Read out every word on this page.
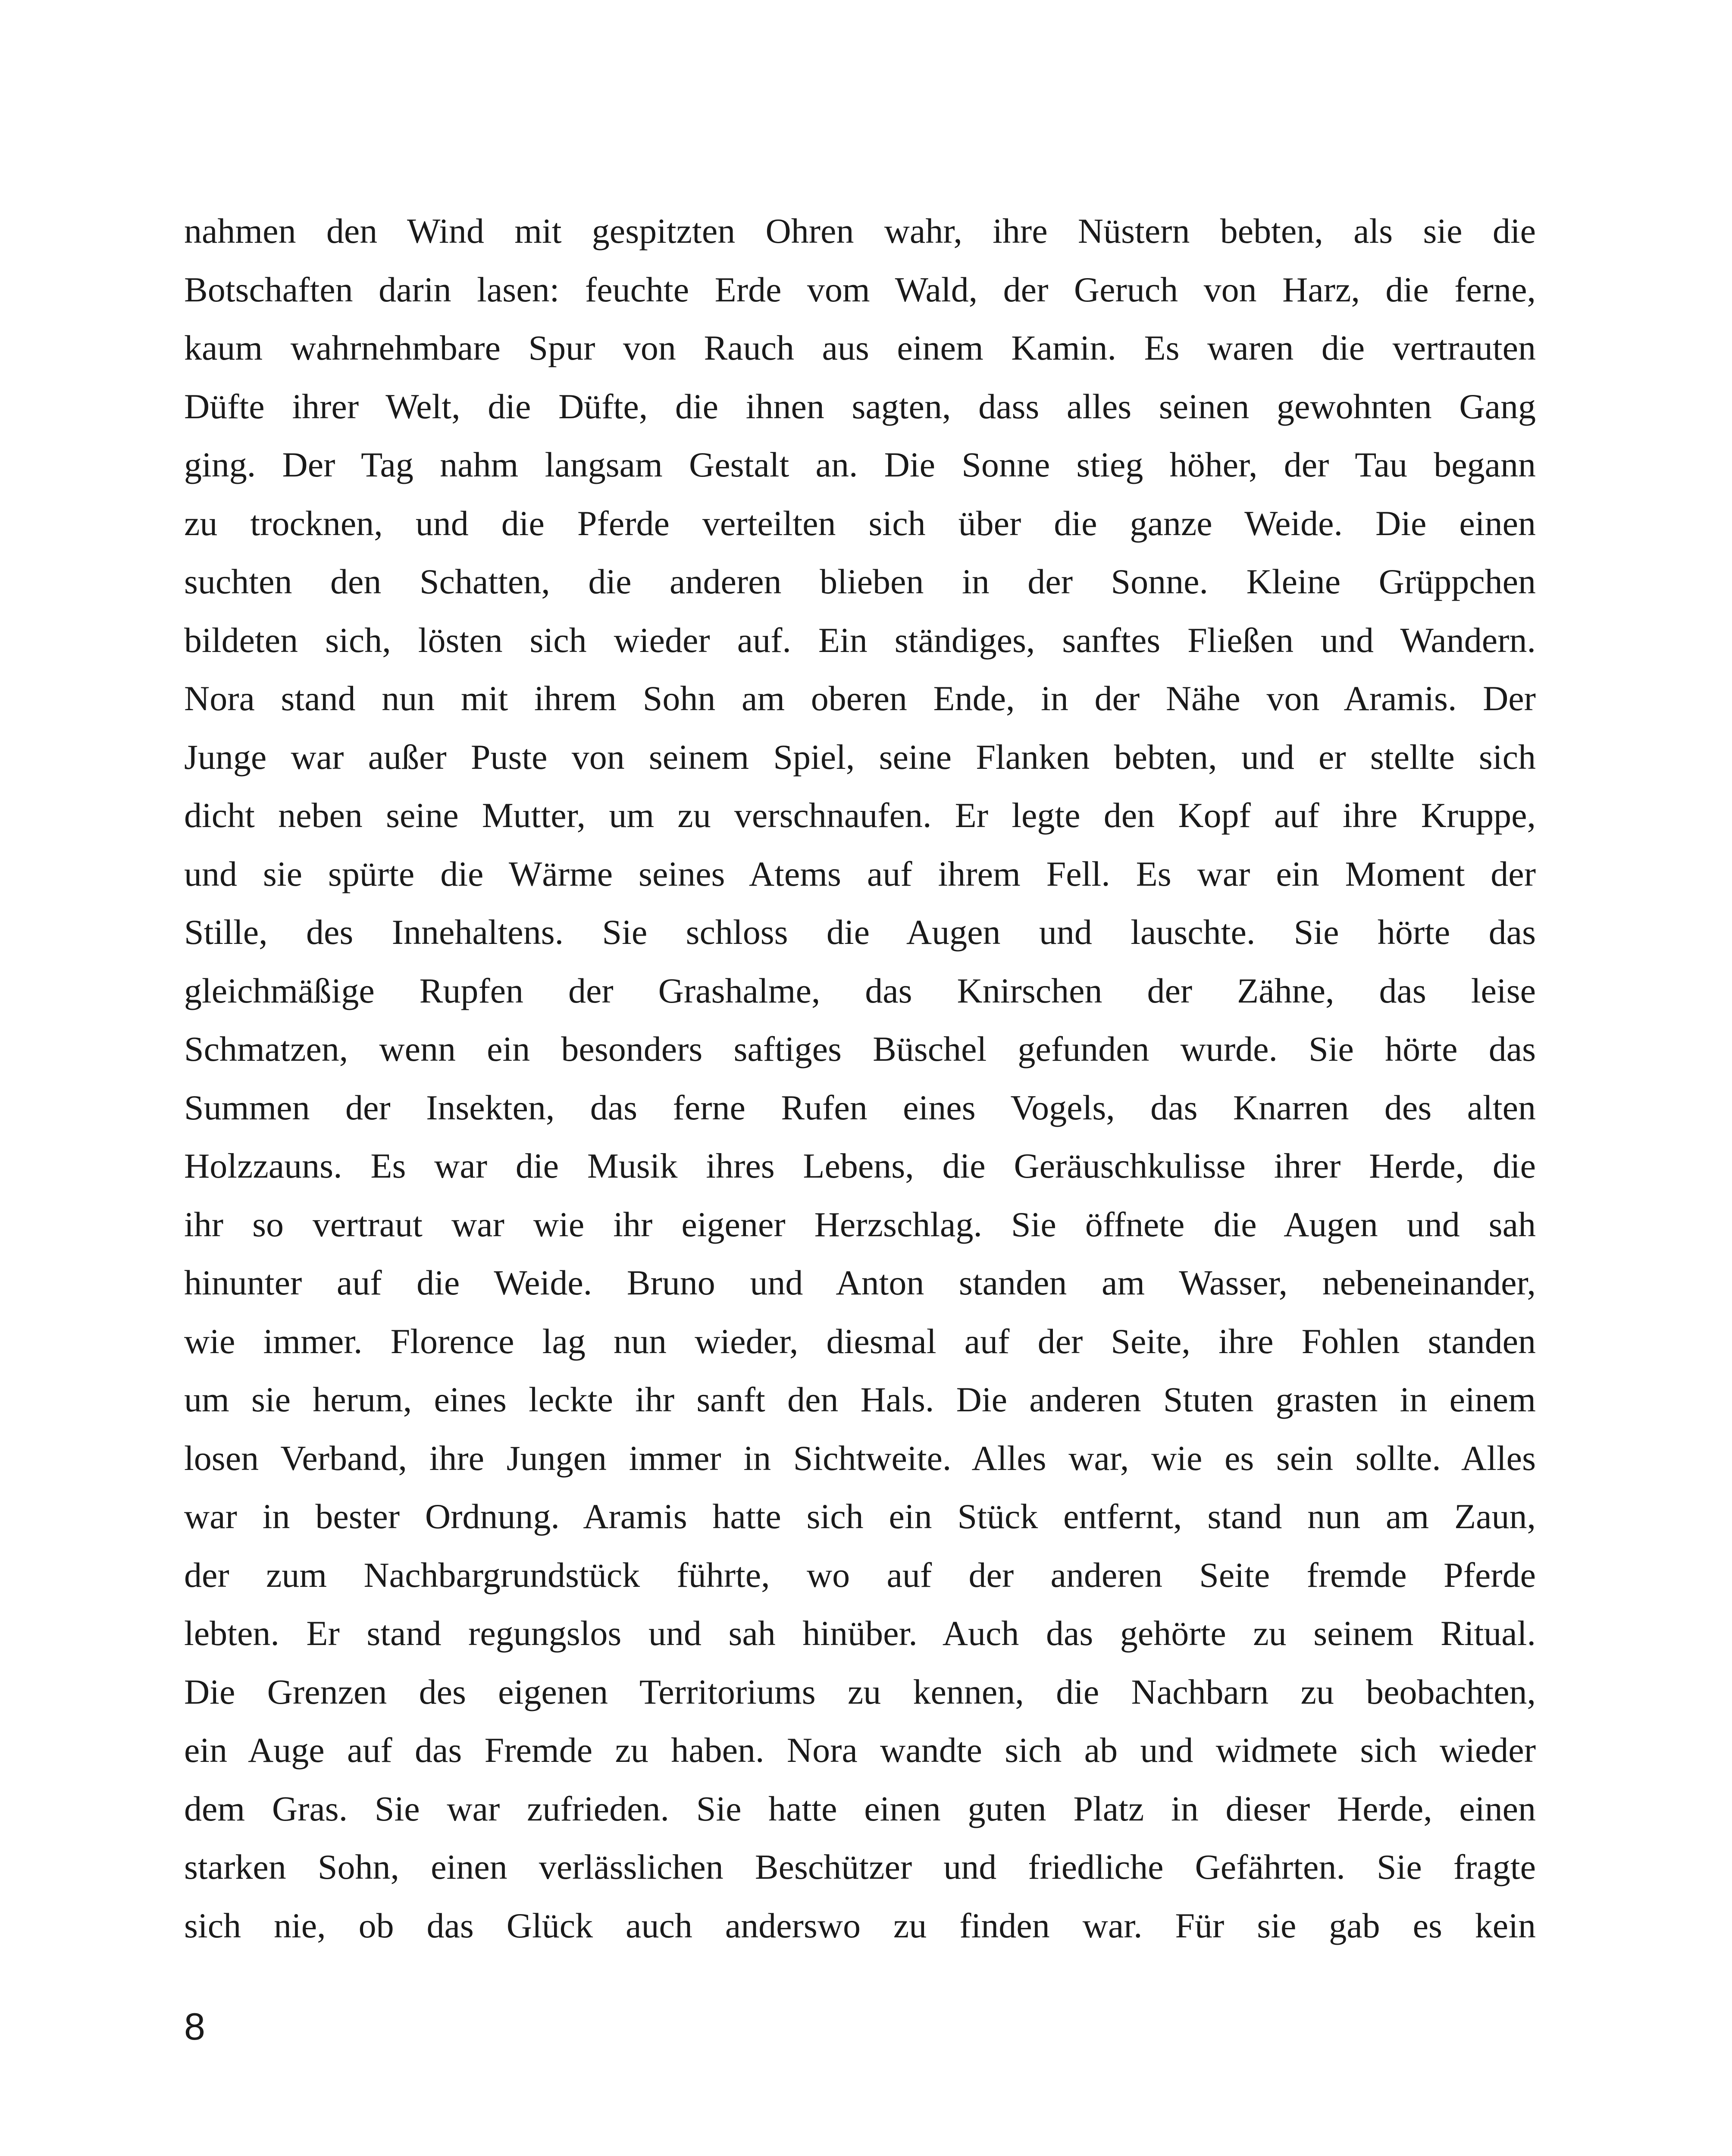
nahmen den Wind mit gespitzten Ohren wahr, ihre Nüstern bebten, als sie die
Botschaften darin lasen: feuchte Erde vom Wald, der Geruch von Harz, die ferne,
kaum wahrnehmbare Spur von Rauch aus einem Kamin. Es waren die vertrauten
Düfte ihrer Welt, die Düfte, die ihnen sagten, dass alles seinen gewohnten Gang
ging. Der Tag nahm langsam Gestalt an. Die Sonne stieg höher, der Tau begann
zu trocknen, und die Pferde verteilten sich über die ganze Weide. Die einen
suchten den Schatten, die anderen blieben in der Sonne. Kleine Grüppchen
bildeten sich, lösten sich wieder auf. Ein ständiges, sanftes Fließen und Wandern.
Nora stand nun mit ihrem Sohn am oberen Ende, in der Nähe von Aramis. Der
Junge war außer Puste von seinem Spiel, seine Flanken bebten, und er stellte sich
dicht neben seine Mutter, um zu verschnaufen. Er legte den Kopf auf ihre Kruppe,
und sie spürte die Wärme seines Atems auf ihrem Fell. Es war ein Moment der
Stille, des Innehaltens. Sie schloss die Augen und lauschte. Sie hörte das
gleichmäßige Rupfen der Grashalme, das Knirschen der Zähne, das leise
Schmatzen, wenn ein besonders saftiges Büschel gefunden wurde. Sie hörte das
Summen der Insekten, das ferne Rufen eines Vogels, das Knarren des alten
Holzzauns. Es war die Musik ihres Lebens, die Geräuschkulisse ihrer Herde, die
ihr so vertraut war wie ihr eigener Herzschlag. Sie öffnete die Augen und sah
hinunter auf die Weide. Bruno und Anton standen am Wasser, nebeneinander,
wie immer. Florence lag nun wieder, diesmal auf der Seite, ihre Fohlen standen
um sie herum, eines leckte ihr sanft den Hals. Die anderen Stuten grasten in einem
losen Verband, ihre Jungen immer in Sichtweite. Alles war, wie es sein sollte. Alles
war in bester Ordnung. Aramis hatte sich ein Stück entfernt, stand nun am Zaun,
der zum Nachbargrundstück führte, wo auf der anderen Seite fremde Pferde
lebten. Er stand regungslos und sah hinüber. Auch das gehörte zu seinem Ritual.
Die Grenzen des eigenen Territoriums zu kennen, die Nachbarn zu beobachten,
ein Auge auf das Fremde zu haben. Nora wandte sich ab und widmete sich wieder
dem Gras. Sie war zufrieden. Sie hatte einen guten Platz in dieser Herde, einen
starken Sohn, einen verlässlichen Beschützer und friedliche Gefährten. Sie fragte
sich nie, ob das Glück auch anderswo zu finden war. Für sie gab es kein
8
